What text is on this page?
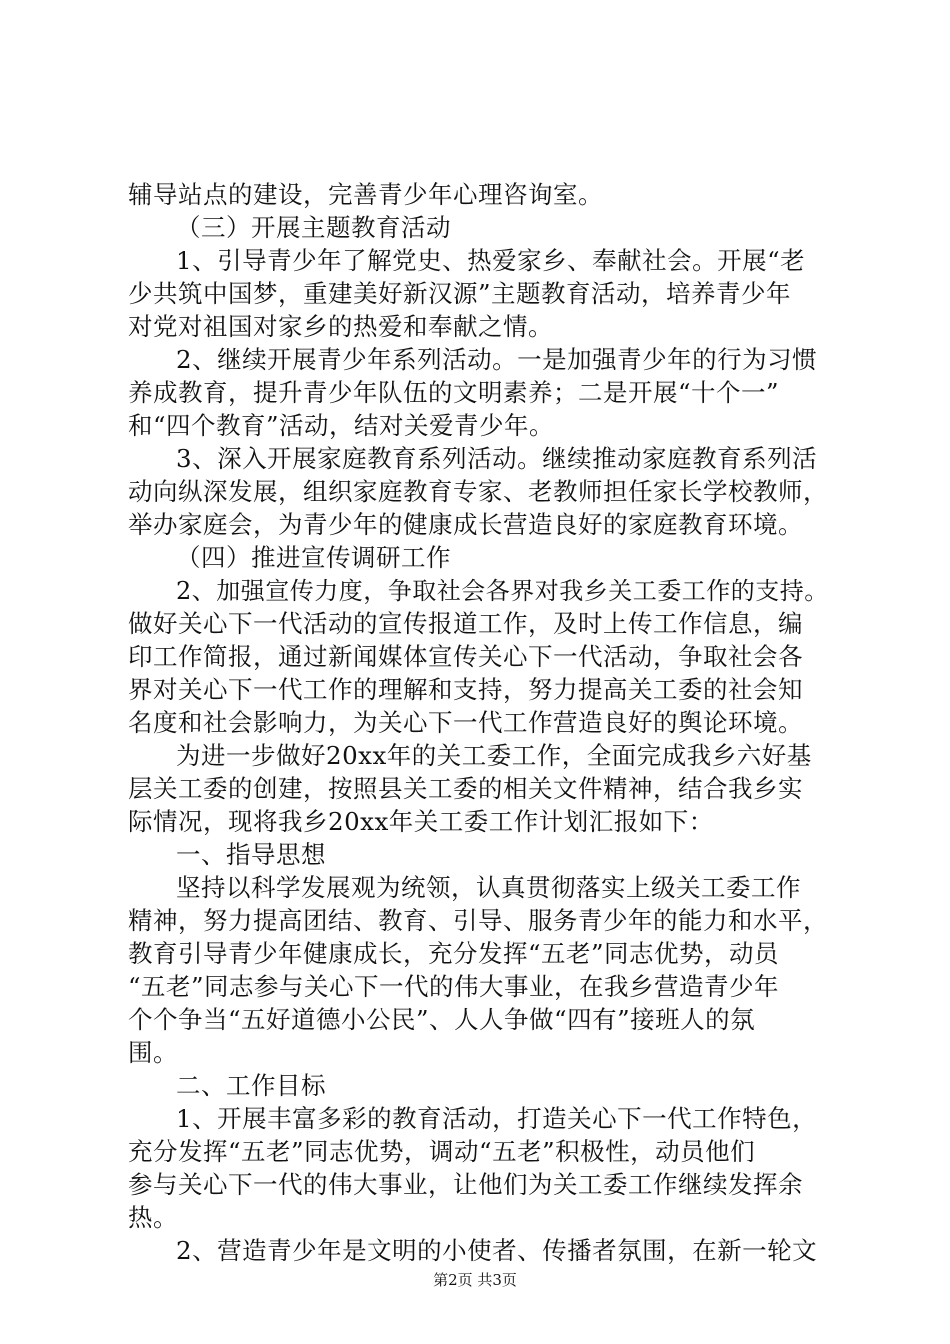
辅导站点的建设，完善青少年心理咨询室。
（三）开展主题教育活动
1、引导青少年了解党史、热爱家乡、奉献社会。开展“老
少共筑中国梦，重建美好新汉源”主题教育活动，培养青少年
对党对祖国对家乡的热爱和奉献之情。
2、继续开展青少年系列活动。一是加强青少年的行为习惯
养成教育，提升青少年队伍的文明素养；二是开展“十个一”
和“四个教育”活动，结对关爱青少年。
3、深入开展家庭教育系列活动。继续推动家庭教育系列活
动向纵深发展，组织家庭教育专家、老教师担任家长学校教师，
举办家庭会，为青少年的健康成长营造良好的家庭教育环境。
（四）推进宣传调研工作
2、加强宣传力度，争取社会各界对我乡关工委工作的支持。
做好关心下一代活动的宣传报道工作，及时上传工作信息，编
印工作简报，通过新闻媒体宣传关心下一代活动，争取社会各
界对关心下一代工作的理解和支持，努力提高关工委的社会知
名度和社会影响力，为关心下一代工作营造良好的舆论环境。
为进一步做好20xx年的关工委工作，全面完成我乡六好基
层关工委的创建，按照县关工委的相关文件精神，结合我乡实
际情况，现将我乡20xx年关工委工作计划汇报如下：
一、指导思想
坚持以科学发展观为统领，认真贯彻落实上级关工委工作
精神，努力提高团结、教育、引导、服务青少年的能力和水平，
教育引导青少年健康成长，充分发挥“五老”同志优势，动员
“五老”同志参与关心下一代的伟大事业，在我乡营造青少年
个个争当“五好道德小公民”、人人争做“四有”接班人的氛
围。
二、工作目标
1、开展丰富多彩的教育活动，打造关心下一代工作特色，
充分发挥“五老”同志优势，调动“五老”积极性，动员他们
参与关心下一代的伟大事业，让他们为关工委工作继续发挥余
热。
2、营造青少年是文明的小使者、传播者氛围，在新一轮文
第2页 共3页
